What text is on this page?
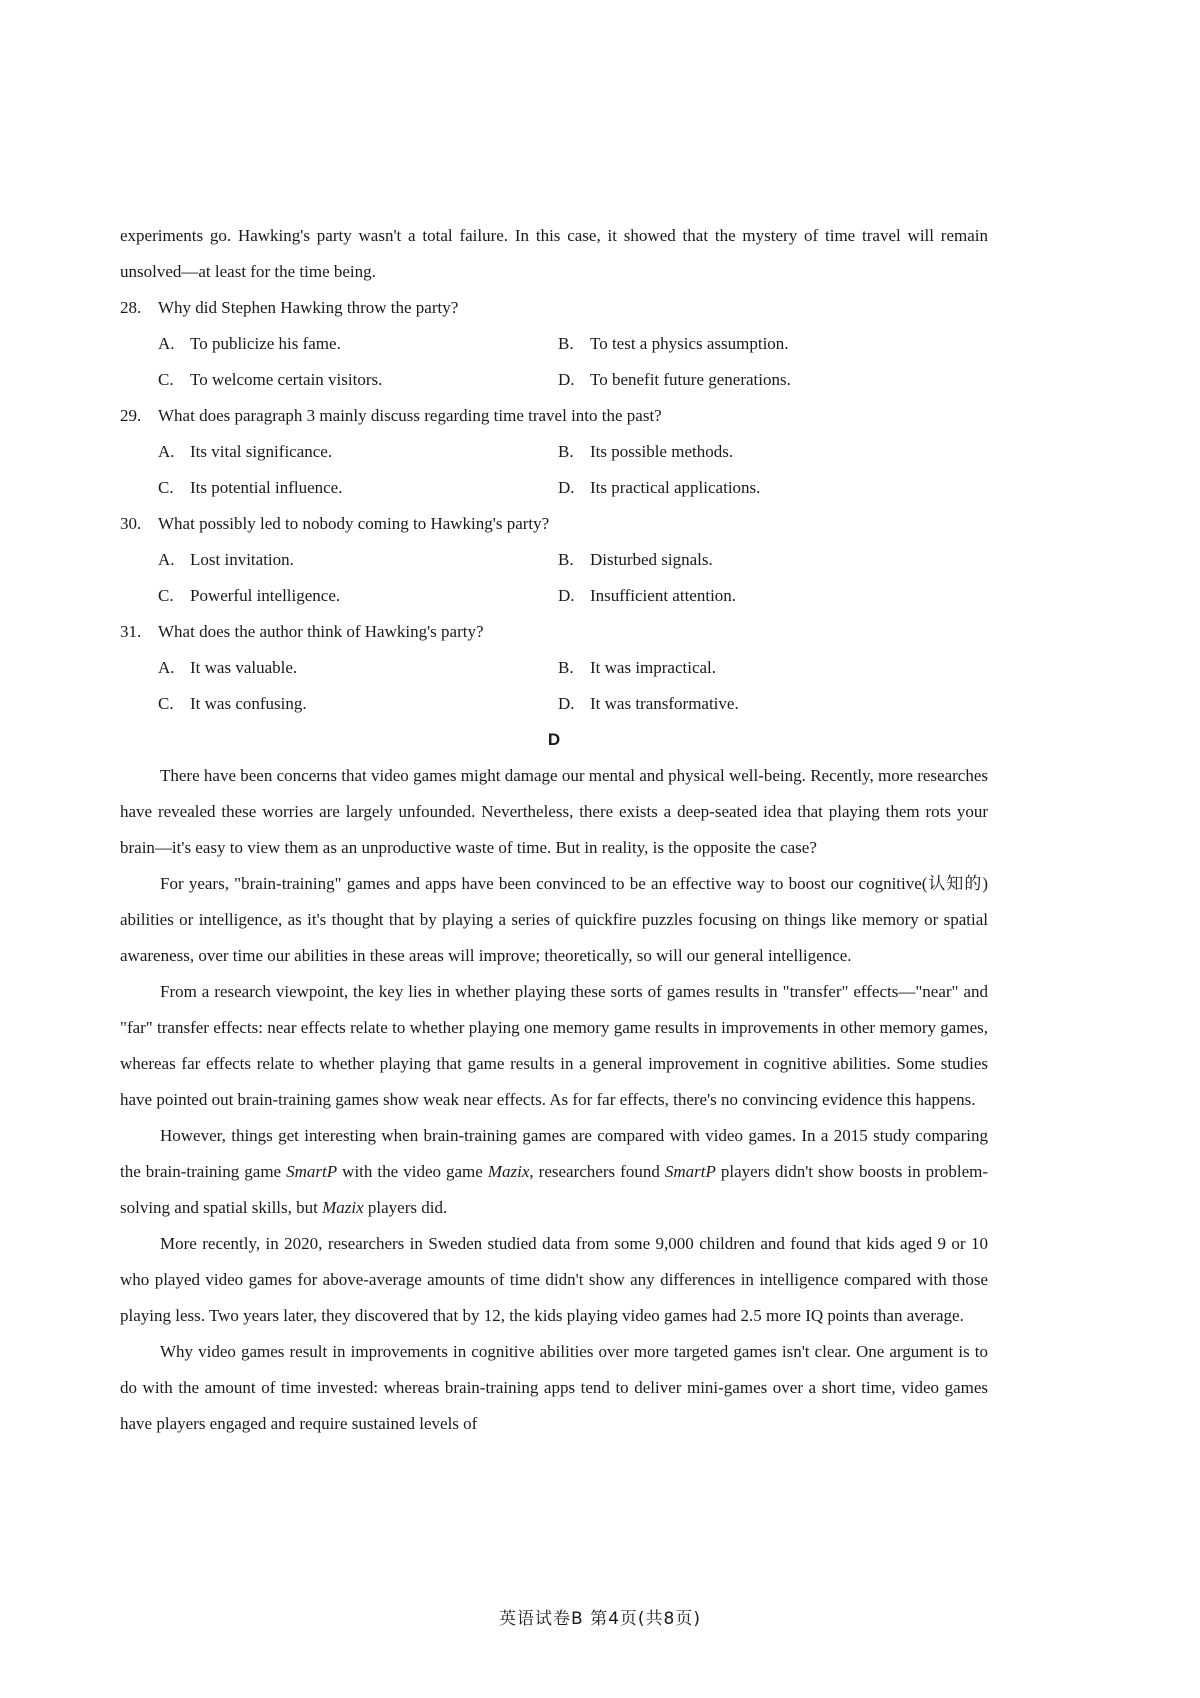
experiments go. Hawking's party wasn't a total failure. In this case, it showed that the mystery of time travel will remain unsolved—at least for the time being.

28. Why did Stephen Hawking throw the party?

A. To publicize his fame.	B. To test a physics assumption.
C. To welcome certain visitors.	D. To benefit future generations.

29. What does paragraph 3 mainly discuss regarding time travel into the past?

A. Its vital significance.	B. Its possible methods.
C. Its potential influence.	D. Its practical applications.

30. What possibly led to nobody coming to Hawking's party?

A. Lost invitation.	B. Disturbed signals.
C. Powerful intelligence.	D. Insufficient attention.

31. What does the author think of Hawking's party?

A. It was valuable.	B. It was impractical.
C. It was confusing.	D. It was transformative.

D

There have been concerns that video games might damage our mental and physical well-being. Recently, more researches have revealed these worries are largely unfounded. Nevertheless, there exists a deep-seated idea that playing them rots your brain—it's easy to view them as an unproductive waste of time. But in reality, is the opposite the case?

For years, "brain-training" games and apps have been convinced to be an effective way to boost our cognitive(认知的) abilities or intelligence, as it's thought that by playing a series of quickfire puzzles focusing on things like memory or spatial awareness, over time our abilities in these areas will improve; theoretically, so will our general intelligence.

From a research viewpoint, the key lies in whether playing these sorts of games results in "transfer" effects—"near" and "far" transfer effects: near effects relate to whether playing one memory game results in improvements in other memory games, whereas far effects relate to whether playing that game results in a general improvement in cognitive abilities. Some studies have pointed out brain-training games show weak near effects. As for far effects, there's no convincing evidence this happens.

However, things get interesting when brain-training games are compared with video games. In a 2015 study comparing the brain-training game SmartP with the video game Mazix, researchers found SmartP players didn't show boosts in problem-solving and spatial skills, but Mazix players did.

More recently, in 2020, researchers in Sweden studied data from some 9,000 children and found that kids aged 9 or 10 who played video games for above-average amounts of time didn't show any differences in intelligence compared with those playing less. Two years later, they discovered that by 12, the kids playing video games had 2.5 more IQ points than average.

Why video games result in improvements in cognitive abilities over more targeted games isn't clear. One argument is to do with the amount of time invested: whereas brain-training apps tend to deliver mini-games over a short time, video games have players engaged and require sustained levels of

英语试卷B 第4页(共8页)
